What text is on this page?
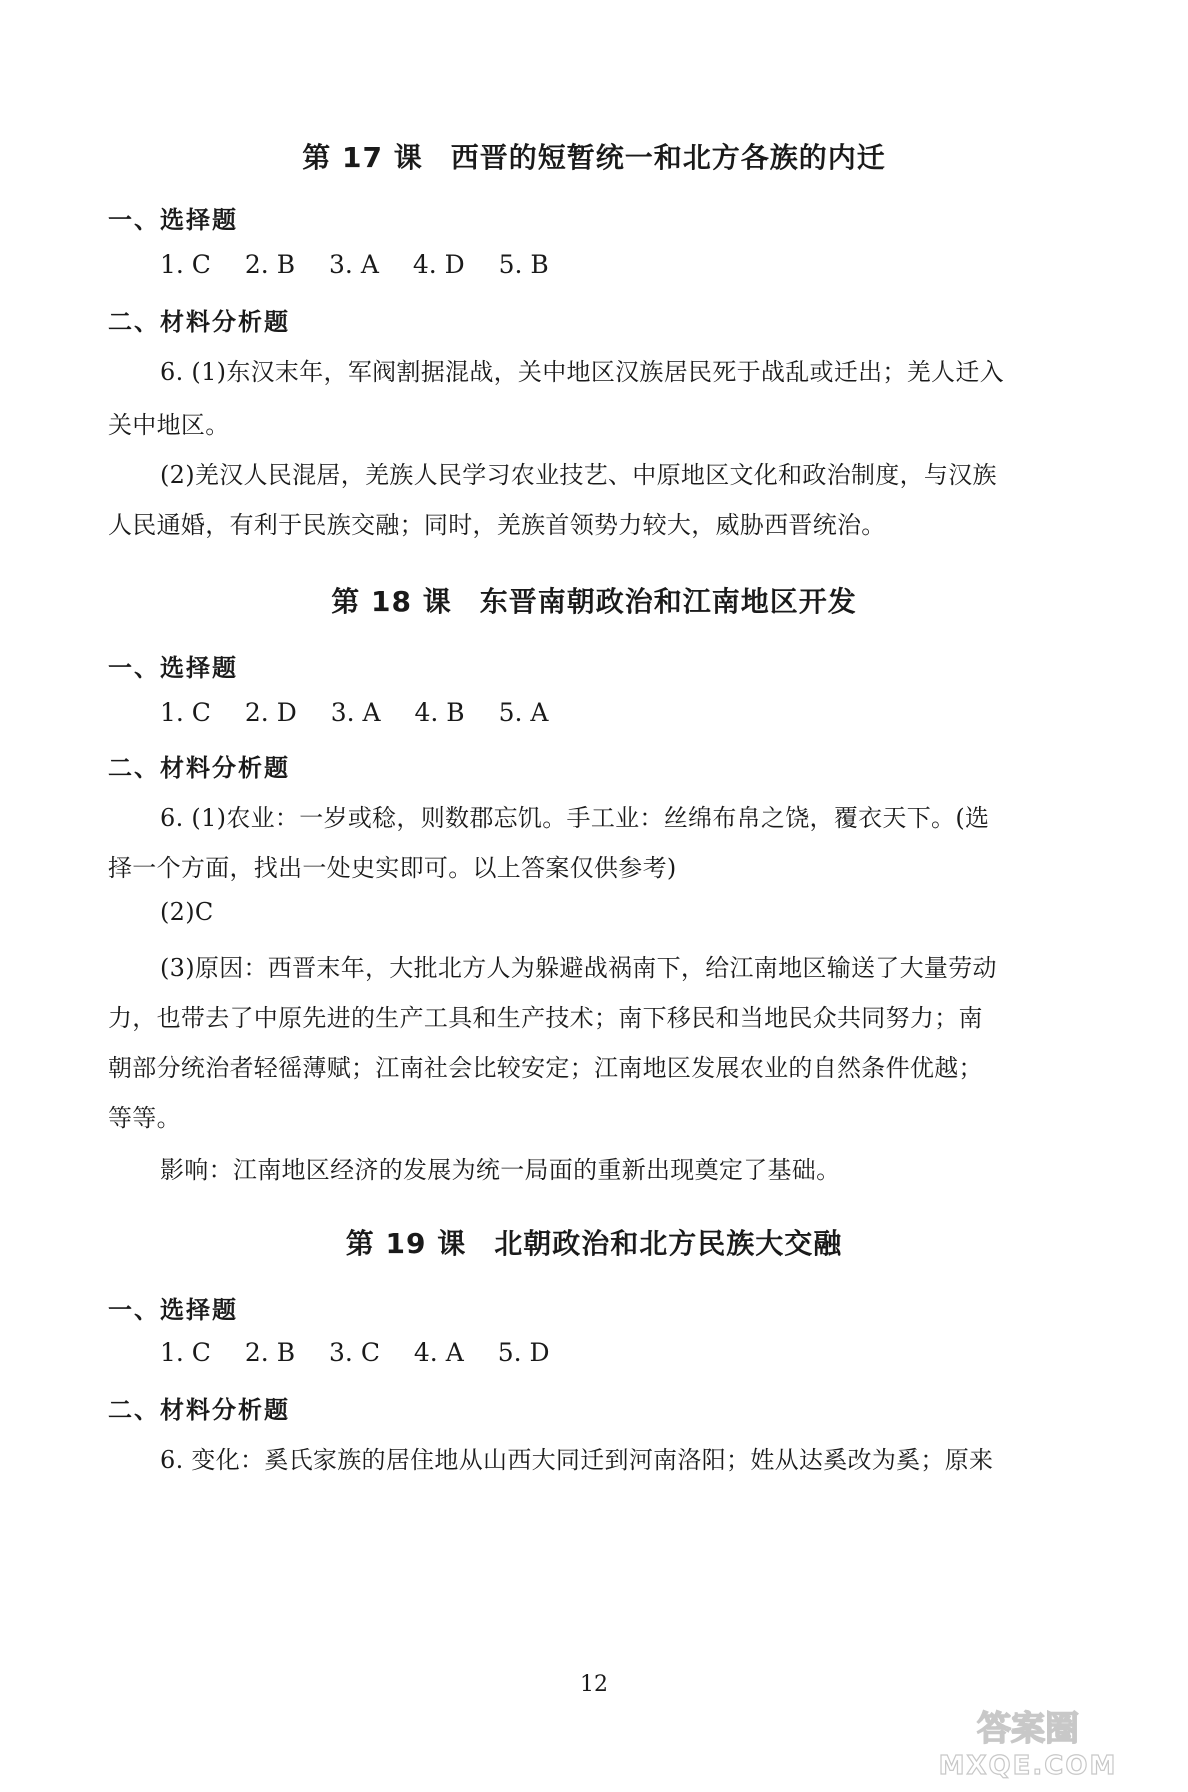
第 17 课 西晋的短暂统一和北方各族的内迁
一、选择题
1. C 2. B 3. A 4. D 5. B
二、材料分析题
6. (1)东汉末年，军阀割据混战，关中地区汉族居民死于战乱或迁出；羌人迁入
关中地区。
(2)羌汉人民混居，羌族人民学习农业技艺、中原地区文化和政治制度，与汉族
人民通婚，有利于民族交融；同时，羌族首领势力较大，威胁西晋统治。
第 18 课 东晋南朝政治和江南地区开发
一、选择题
1. C 2. D 3. A 4. B 5. A
二、材料分析题
6. (1)农业：一岁或稔，则数郡忘饥。手工业：丝绵布帛之饶，覆衣天下。(选
择一个方面，找出一处史实即可。以上答案仅供参考)
(2)C
(3)原因：西晋末年，大批北方人为躲避战祸南下，给江南地区输送了大量劳动
力，也带去了中原先进的生产工具和生产技术；南下移民和当地民众共同努力；南
朝部分统治者轻徭薄赋；江南社会比较安定；江南地区发展农业的自然条件优越；
等等。
影响：江南地区经济的发展为统一局面的重新出现奠定了基础。
第 19 课 北朝政治和北方民族大交融
一、选择题
1. C 2. B 3. C 4. A 5. D
二、材料分析题
6. 变化：奚氏家族的居住地从山西大同迁到河南洛阳；姓从达奚改为奚；原来
12
答案圈
MXQE.COM
